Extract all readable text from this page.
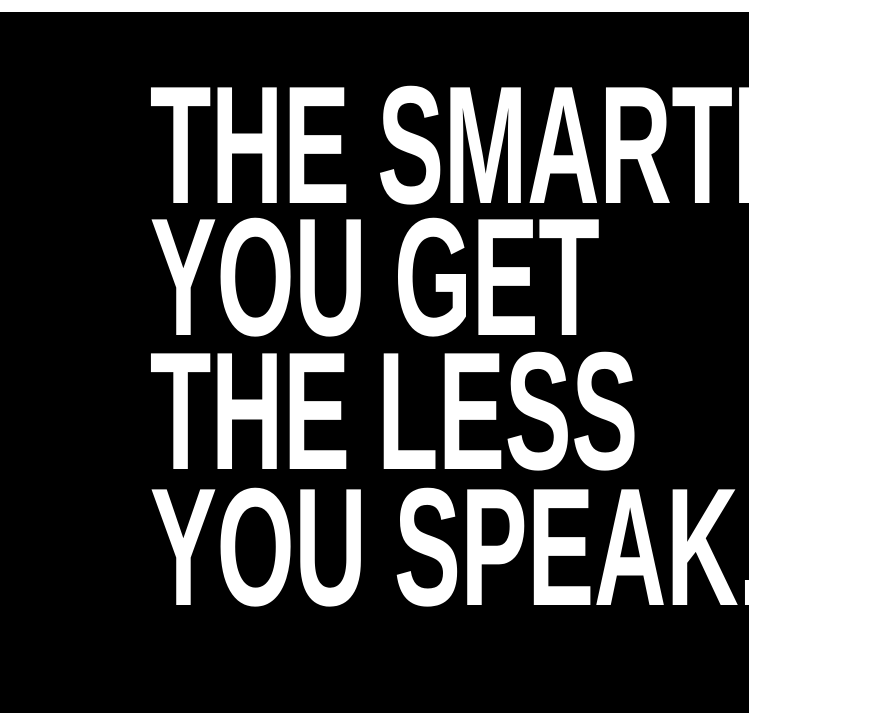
THE SMARTER
YOU GET
THE LESS
YOU SPEAK.
